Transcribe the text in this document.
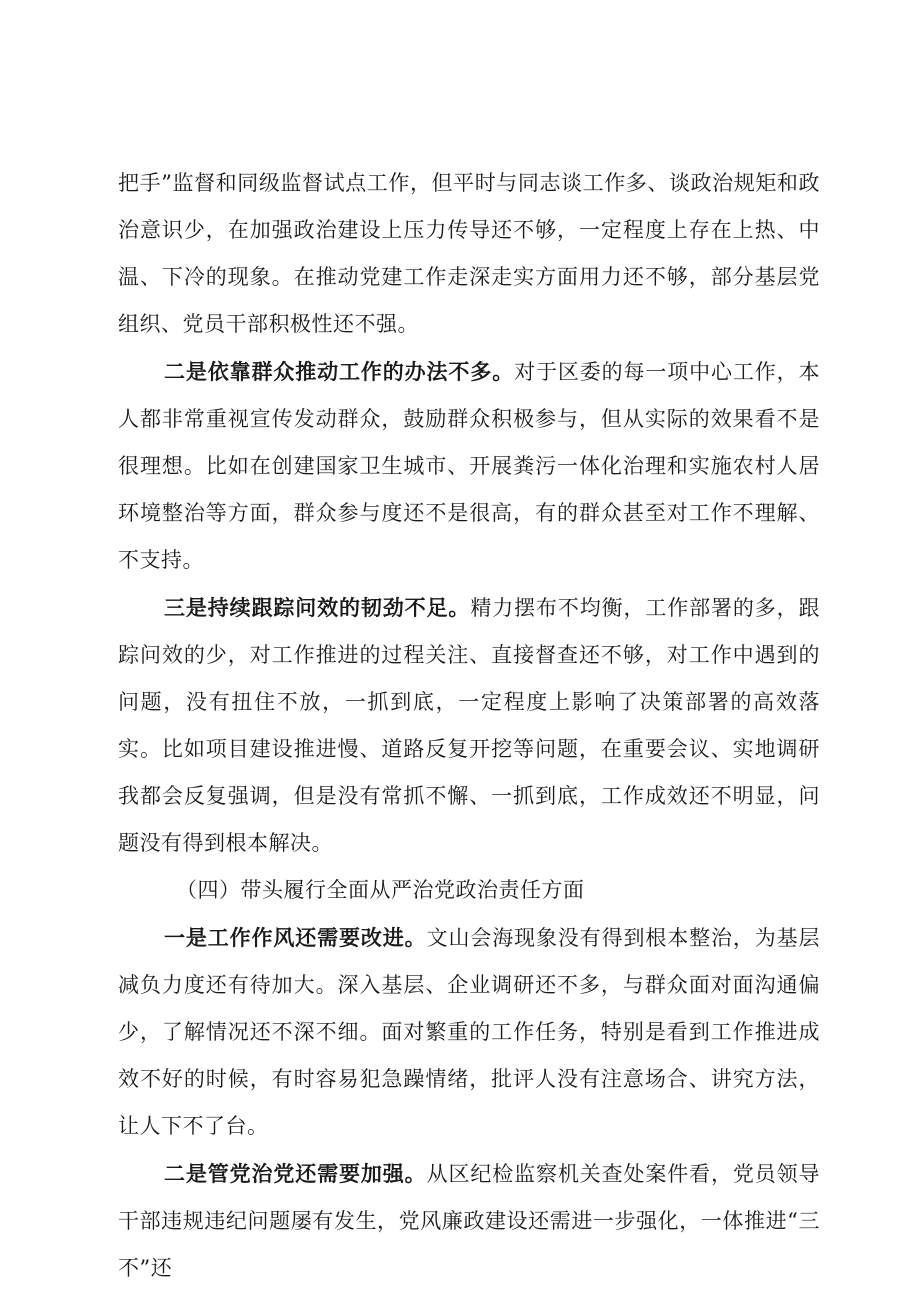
把手”监督和同级监督试点工作，但平时与同志谈工作多、谈政治规矩和政治意识少，在加强政治建设上压力传导还不够，一定程度上存在上热、中温、下冷的现象。在推动党建工作走深走实方面用力还不够，部分基层党组织、党员干部积极性还不强。

二是依靠群众推动工作的办法不多。对于区委的每一项中心工作，本人都非常重视宣传发动群众，鼓励群众积极参与，但从实际的效果看不是很理想。比如在创建国家卫生城市、开展粪污一体化治理和实施农村人居环境整治等方面，群众参与度还不是很高，有的群众甚至对工作不理解、不支持。

三是持续跟踪问效的韧劲不足。精力摆布不均衡，工作部署的多，跟踪问效的少，对工作推进的过程关注、直接督查还不够，对工作中遇到的问题，没有扭住不放，一抓到底，一定程度上影响了决策部署的高效落实。比如项目建设推进慢、道路反复开挖等问题，在重要会议、实地调研我都会反复强调，但是没有常抓不懈、一抓到底，工作成效还不明显，问题没有得到根本解决。

（四）带头履行全面从严治党政治责任方面

一是工作作风还需要改进。文山会海现象没有得到根本整治，为基层减负力度还有待加大。深入基层、企业调研还不多，与群众面对面沟通偏少，了解情况还不深不细。面对繁重的工作任务，特别是看到工作推进成效不好的时候，有时容易犯急躁情绪，批评人没有注意场合、讲究方法，让人下不了台。

二是管党治党还需要加强。从区纪检监察机关查处案件看，党员领导干部违规违纪问题屡有发生，党风廉政建设还需进一步强化，一体推进“三不”还
